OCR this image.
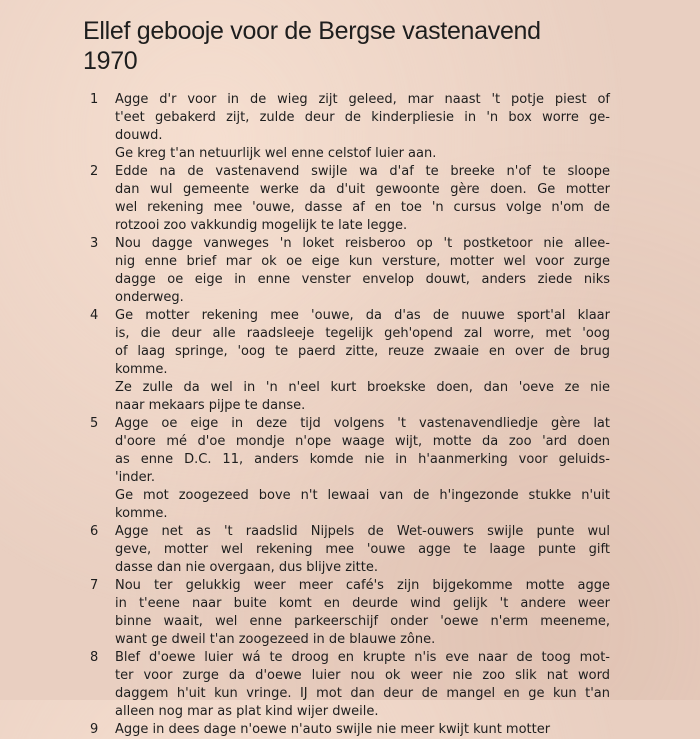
Ellef gebooje voor de Bergse vastenavend
1970
1	Agge d'r voor in de wieg zijt geleed, mar naast 't potje piest of
t'eet gebakerd zijt, zulde deur de kinderpliesie in 'n box worre ge-
douwd.
Ge kreg t'an netuurlijk wel enne celstof luier aan.
2	Edde na de vastenavend swijle wa d'af te breeke n'of te sloope
dan wul gemeente werke da d'uit gewoonte gère doen. Ge motter
wel rekening mee 'ouwe, dasse af en toe 'n cursus volge n'om de
rotzooi zoo vakkundig mogelijk te late legge.
3	Nou dagge vanweges 'n loket reisberoo op 't postketoor nie allee-
nig enne brief mar ok oe eige kun versture, motter wel voor zurge
dagge oe eige in enne venster envelop douwt, anders ziede niks
onderweg.
4	Ge motter rekening mee 'ouwe, da d'as de nuuwe sport'al klaar
is, die deur alle raadsleeje tegelijk geh'opend zal worre, met 'oog
of laag springe, 'oog te paerd zitte, reuze zwaaie en over de brug
komme.
Ze zulle da wel in 'n n'eel kurt broekske doen, dan 'oeve ze nie
naar mekaars pijpe te danse.
5	Agge oe eige in deze tijd volgens 't vastenavendliedje gère lat
d'oore mé d'oe mondje n'ope waage wijt, motte da zoo 'ard doen
as enne D.C. 11, anders komde nie in h'aanmerking voor geluids-
'inder.
Ge mot zoogezeed bove n't lewaai van de h'ingezonde stukke n'uit
komme.
6	Agge net as 't raadslid Nijpels de Wet-ouwers swijle punte wul
geve, motter wel rekening mee 'ouwe agge te laage punte gift
dasse dan nie overgaan, dus blijve zitte.
7	Nou ter gelukkig weer meer café's zijn bijgekomme motte agge
in t'eene naar buite komt en deurde wind gelijk 't andere weer
binne waait, wel enne parkeerschijf onder 'oewe n'erm meeneme,
want ge dweil t'an zoogezeed in de blauwe zône.
8	Blef d'oewe luier wá te droog en krupte n'is eve naar de toog mot-
ter voor zurge da d'oewe luier nou ok weer nie zoo slik nat word
daggem h'uit kun vringe. IJ mot dan deur de mangel en ge kun t'an
alleen nog mar as plat kind wijer dweile.
9	Agge in dees dage n'oewe n'auto swijle nie meer kwijt kunt motter
